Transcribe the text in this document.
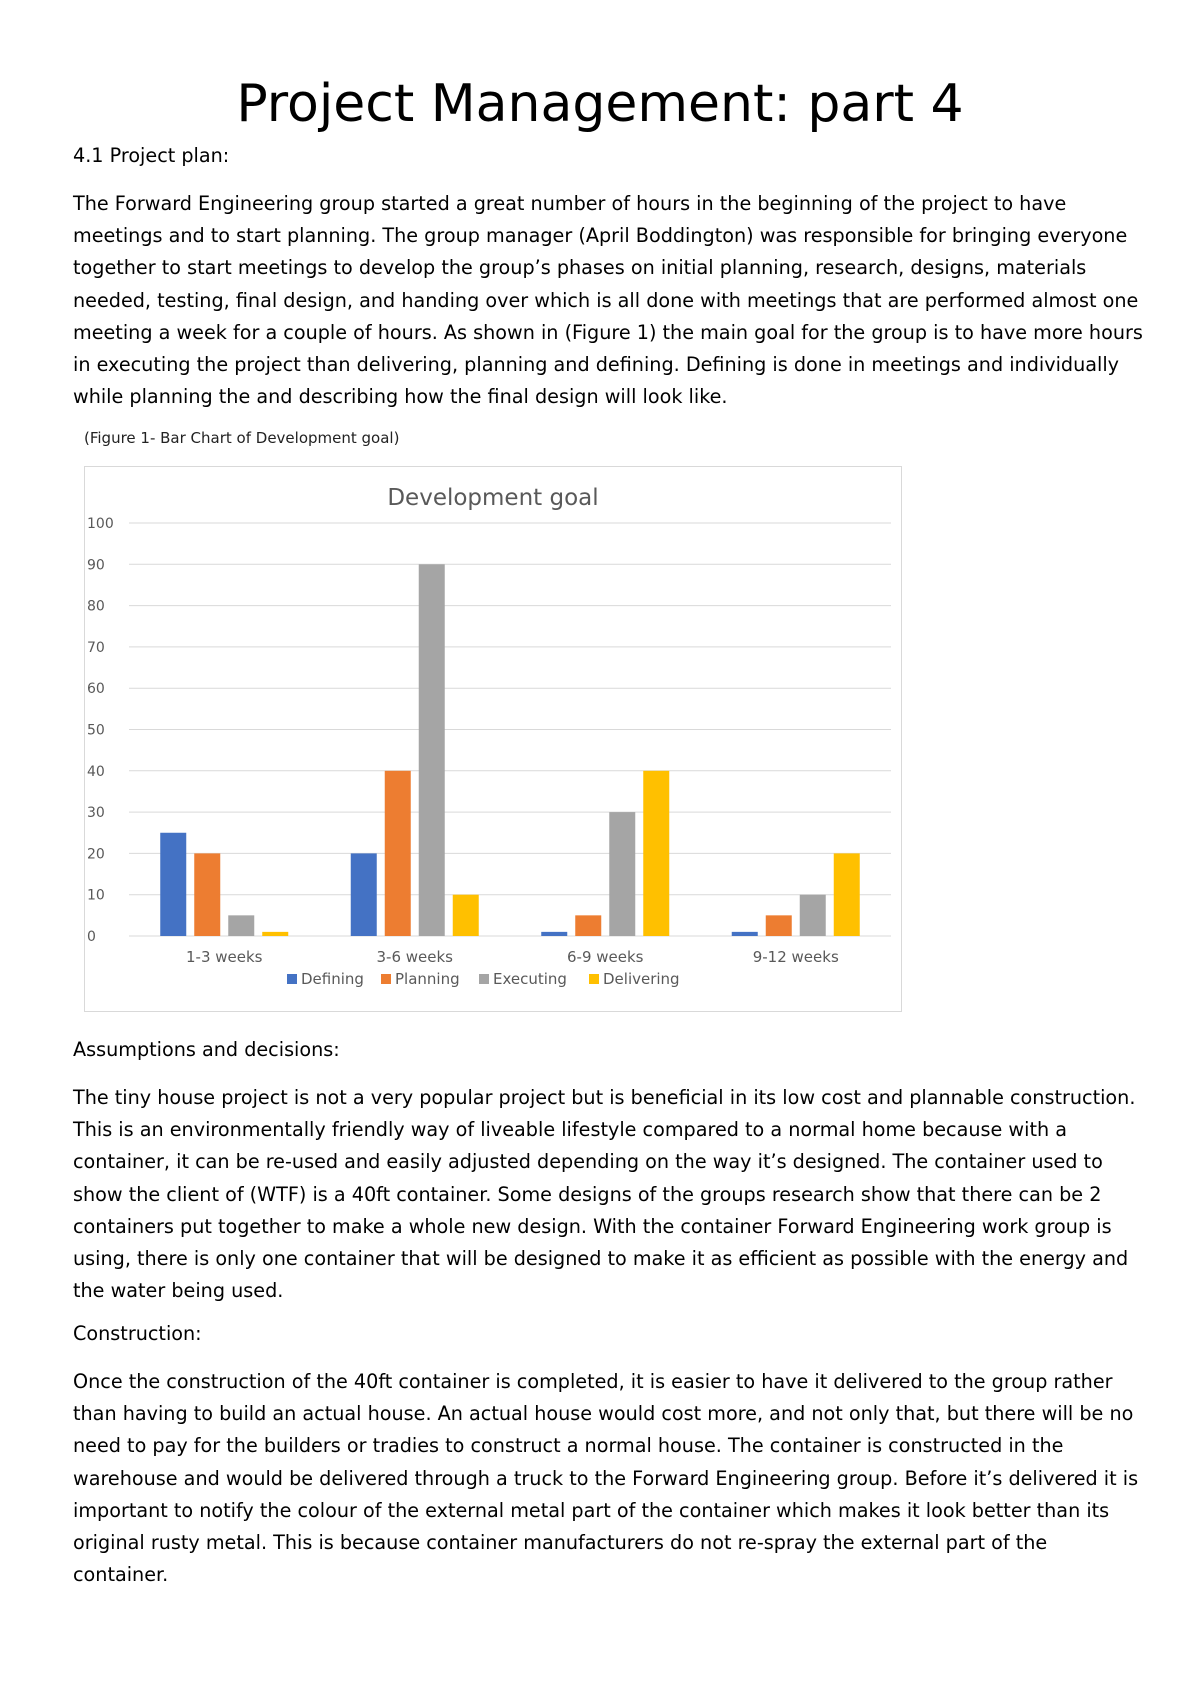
Project Management: part 4

4.1 Project plan:

The Forward Engineering group started a great number of hours in the beginning of the project to have meetings and to start planning. The group manager (April Boddington) was responsible for bringing everyone together to start meetings to develop the group’s phases on initial planning, research, designs, materials needed, testing, final design, and handing over which is all done with meetings that are performed almost one meeting a week for a couple of hours. As shown in (Figure 1) the main goal for the group is to have more hours in executing the project than delivering, planning and defining. Defining is done in meetings and individually while planning the and describing how the final design will look like.

(Figure 1- Bar Chart of Development goal)
0
10
20
30
40
50
60
70
80
90
100
1-3 weeks	3-6 weeks	6-9 weeks	9-12 weeks
Defining Planning Executing Delivering
Development goal

Assumptions and decisions:

The tiny house project is not a very popular project but is beneficial in its low cost and plannable construction. This is an environmentally friendly way of liveable lifestyle compared to a normal home because with a container, it can be re-used and easily adjusted depending on the way it’s designed. The container used to show the client of (WTF) is a 40ft container. Some designs of the groups research show that there can be 2 containers put together to make a whole new design. With the container Forward Engineering work group is using, there is only one container that will be designed to make it as efficient as possible with the energy and the water being used.

Construction:

Once the construction of the 40ft container is completed, it is easier to have it delivered to the group rather than having to build an actual house. An actual house would cost more, and not only that, but there will be no need to pay for the builders or tradies to construct a normal house. The container is constructed in the warehouse and would be delivered through a truck to the Forward Engineering group. Before it’s delivered it is important to notify the colour of the external metal part of the container which makes it look better than its original rusty metal. This is because container manufacturers do not re-spray the external part of the container.
